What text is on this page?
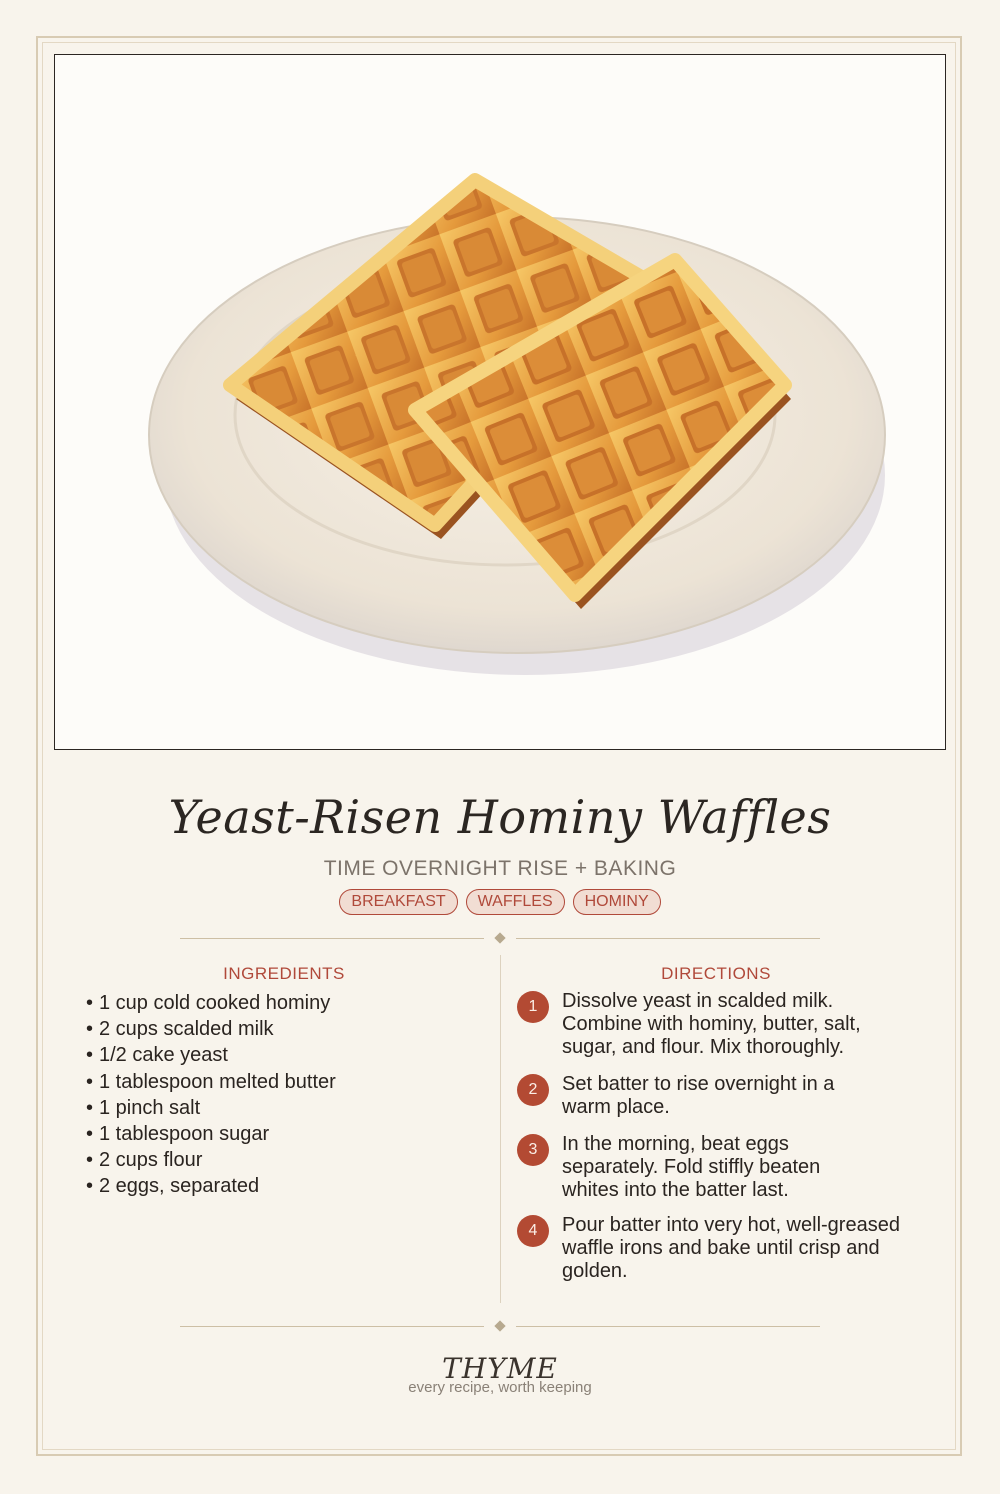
Yeast-Risen Hominy Waffles
TIME OVERNIGHT RISE + BAKING
BREAKFAST	WAFFLES	HOMINY
INGREDIENTS	DIRECTIONS
• 1 cup cold cooked hominy
• 2 cups scalded milk
• 1/2 cake yeast
• 1 tablespoon melted butter
• 1 pinch salt
• 1 tablespoon sugar
• 2 cups flour
• 2 eggs, separated
1	Dissolve yeast in scalded milk. Combine with hominy, butter, salt, sugar, and flour. Mix thoroughly.
2	Set batter to rise overnight in a warm place.
3	In the morning, beat eggs separately. Fold stiffly beaten whites into the batter last.
4	Pour batter into very hot, well-greased waffle irons and bake until crisp and golden.
THYME
every recipe, worth keeping
